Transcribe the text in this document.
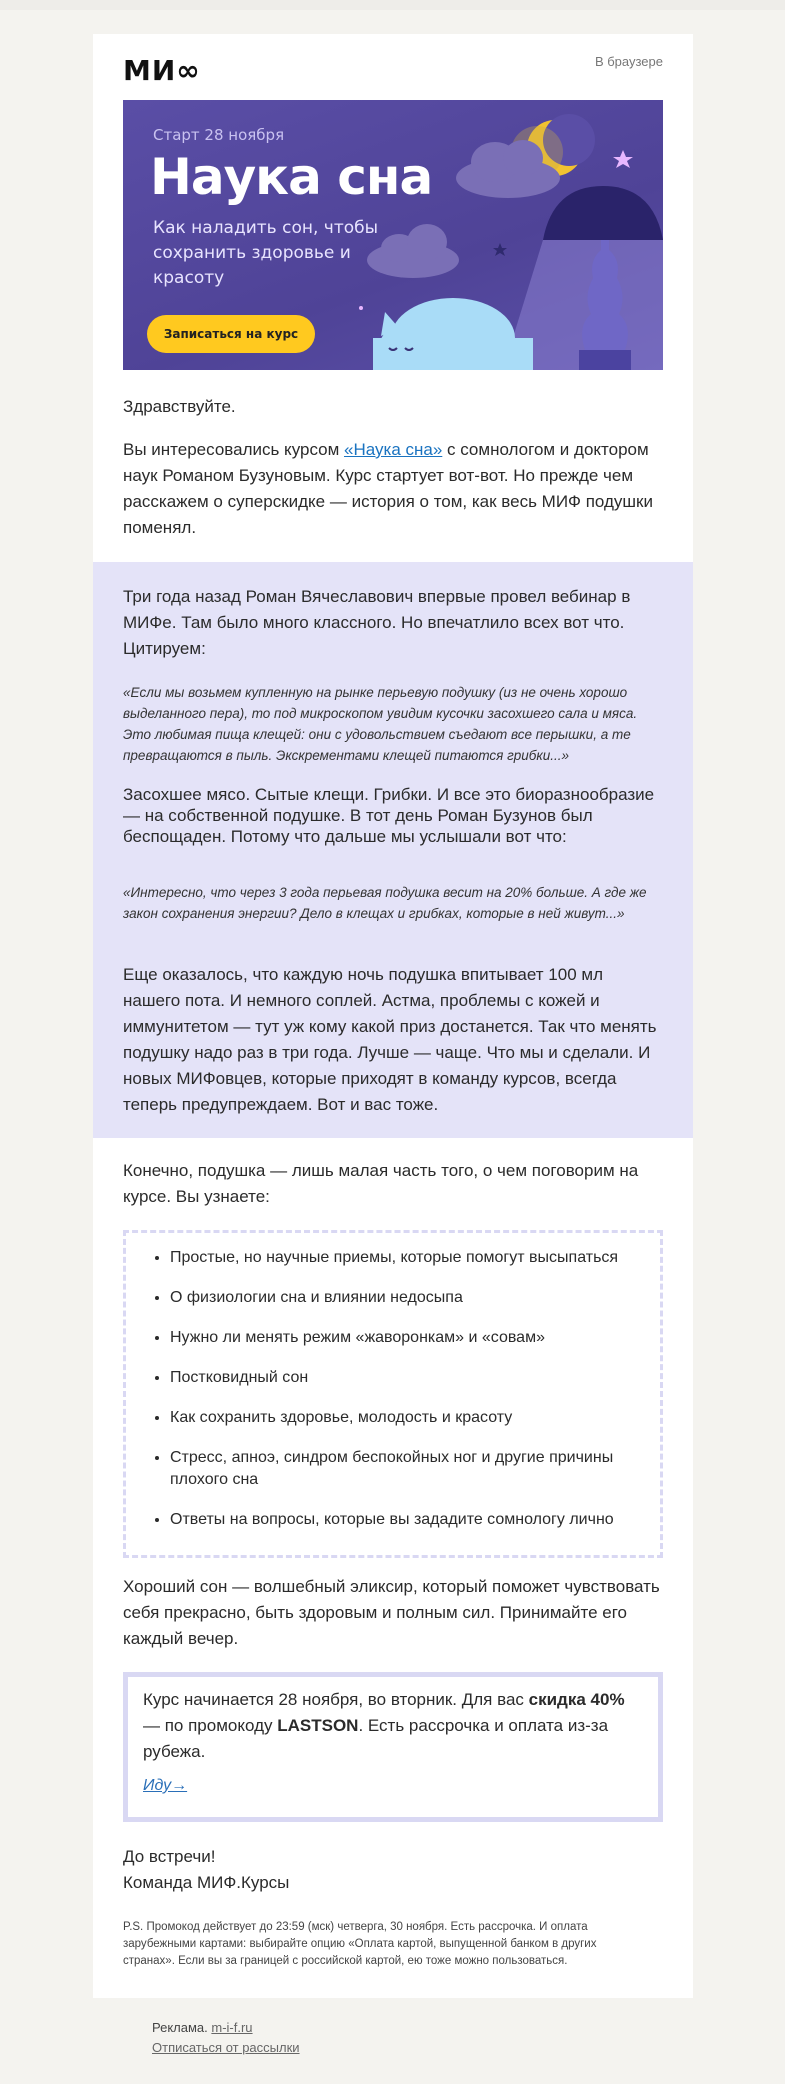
МИ∞	В браузере
Старт 28 ноября
Наука сна
Как наладить сон, чтобы сохранить здоровье и красоту
Записаться на курс
Здравствуйте.
Вы интересовались курсом «Наука сна» с сомнологом и доктором наук Романом Бузуновым. Курс стартует вот-вот. Но прежде чем расскажем о суперскидке — история о том, как весь МИФ подушки поменял.
Три года назад Роман Вячеславович впервые провел вебинар в МИФе. Там было много классного. Но впечатлило всех вот что. Цитируем:
«Если мы возьмем купленную на рынке перьевую подушку (из не очень хорошо выделанного пера), то под микроскопом увидим кусочки засохшего сала и мяса. Это любимая пища клещей: они с удовольствием съедают все перышки, а те превращаются в пыль. Экскрементами клещей питаются грибки...»
Засохшее мясо. Сытые клещи. Грибки. И все это биоразнообразие — на собственной подушке. В тот день Роман Бузунов был беспощаден. Потому что дальше мы услышали вот что:
«Интересно, что через 3 года перьевая подушка весит на 20% больше. А где же закон сохранения энергии? Дело в клещах и грибках, которые в ней живут...»
Еще оказалось, что каждую ночь подушка впитывает 100 мл нашего пота. И немного соплей. Астма, проблемы с кожей и иммунитетом — тут уж кому какой приз достанется. Так что менять подушку надо раз в три года. Лучше — чаще. Что мы и сделали. И новых МИФовцев, которые приходят в команду курсов, всегда теперь предупреждаем. Вот и вас тоже.
Конечно, подушка — лишь малая часть того, о чем поговорим на курсе. Вы узнаете:
• Простые, но научные приемы, которые помогут высыпаться
• О физиологии сна и влиянии недосыпа
• Нужно ли менять режим «жаворонкам» и «совам»
• Постковидный сон
• Как сохранить здоровье, молодость и красоту
• Стресс, апноэ, синдром беспокойных ног и другие причины плохого сна
• Ответы на вопросы, которые вы зададите сомнологу лично
Хороший сон — волшебный эликсир, который поможет чувствовать себя прекрасно, быть здоровым и полным сил. Принимайте его каждый вечер.
Курс начинается 28 ноября, во вторник. Для вас скидка 40% — по промокоду LASTSON. Есть рассрочка и оплата из-за рубежа.
Иду→
До встречи!
Команда МИФ.Курсы
P.S. Промокод действует до 23:59 (мск) четверга, 30 ноября. Есть рассрочка. И оплата зарубежными картами: выбирайте опцию «Оплата картой, выпущенной банком в других странах». Если вы за границей с российской картой, ею тоже можно пользоваться.
Реклама. m-i-f.ru
Отписаться от рассылки
